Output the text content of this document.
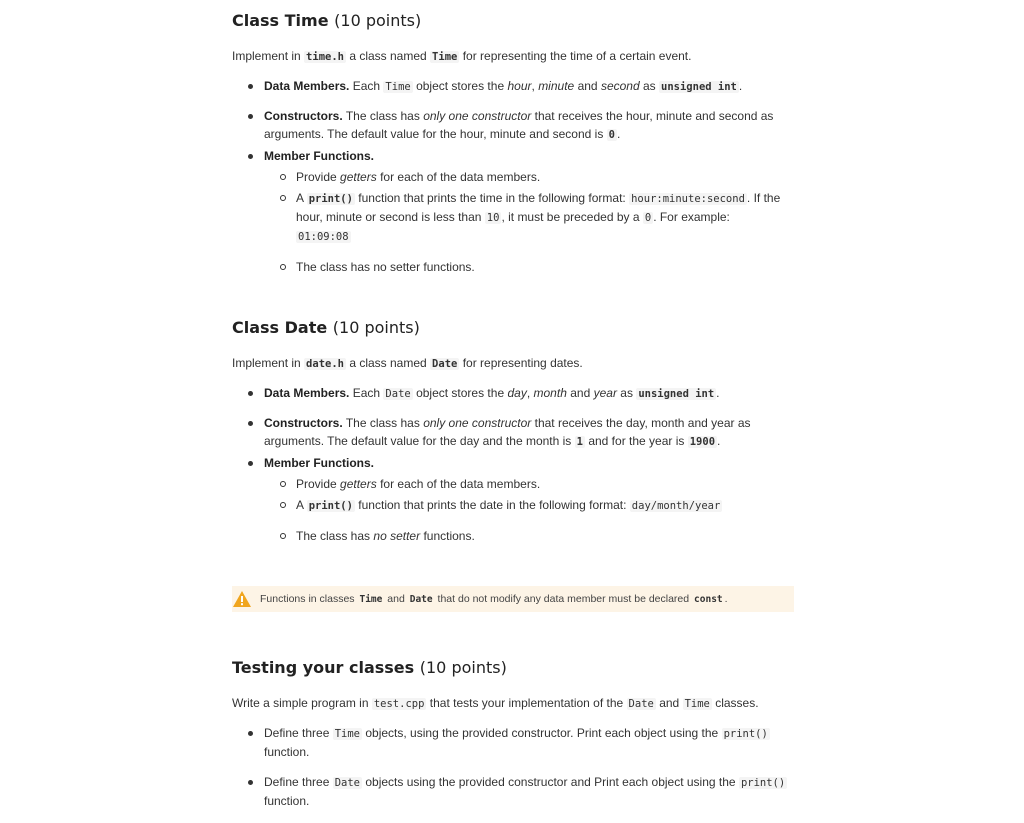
Class Time (10 points)

Implement in time.h a class named Time for representing the time of a certain event.

Data Members. Each Time object stores the hour, minute and second as unsigned int .
Constructors. The class has only one constructor that receives the hour, minute and second as arguments. The default value for the hour, minute and second is 0 .
Member Functions.
Provide getters for each of the data members.
A print() function that prints the time in the following format: hour:minute:second . If the hour, minute or second is less than 10 , it must be preceded by a 0 . For example:
01:09:08
The class has no setter functions.
Class Date (10 points)

Implement in date.h a class named Date for representing dates.

Data Members. Each Date object stores the day, month and year as unsigned int .
Constructors. The class has only one constructor that receives the day, month and year as arguments. The default value for the day and the month is 1 and for the year is 1900 .
Member Functions.
Provide getters for each of the data members.
A print() function that prints the date in the following format: day/month/year
The class has no setter functions.
Functions in classes Time and Date that do not modify any data member must be declared const .
Testing your classes (10 points)

Write a simple program in test.cpp that tests your implementation of the Date and Time classes.

Define three Time objects, using the provided constructor. Print each object using the print() function.
Define three Date objects using the provided constructor and Print each object using the print() function.
